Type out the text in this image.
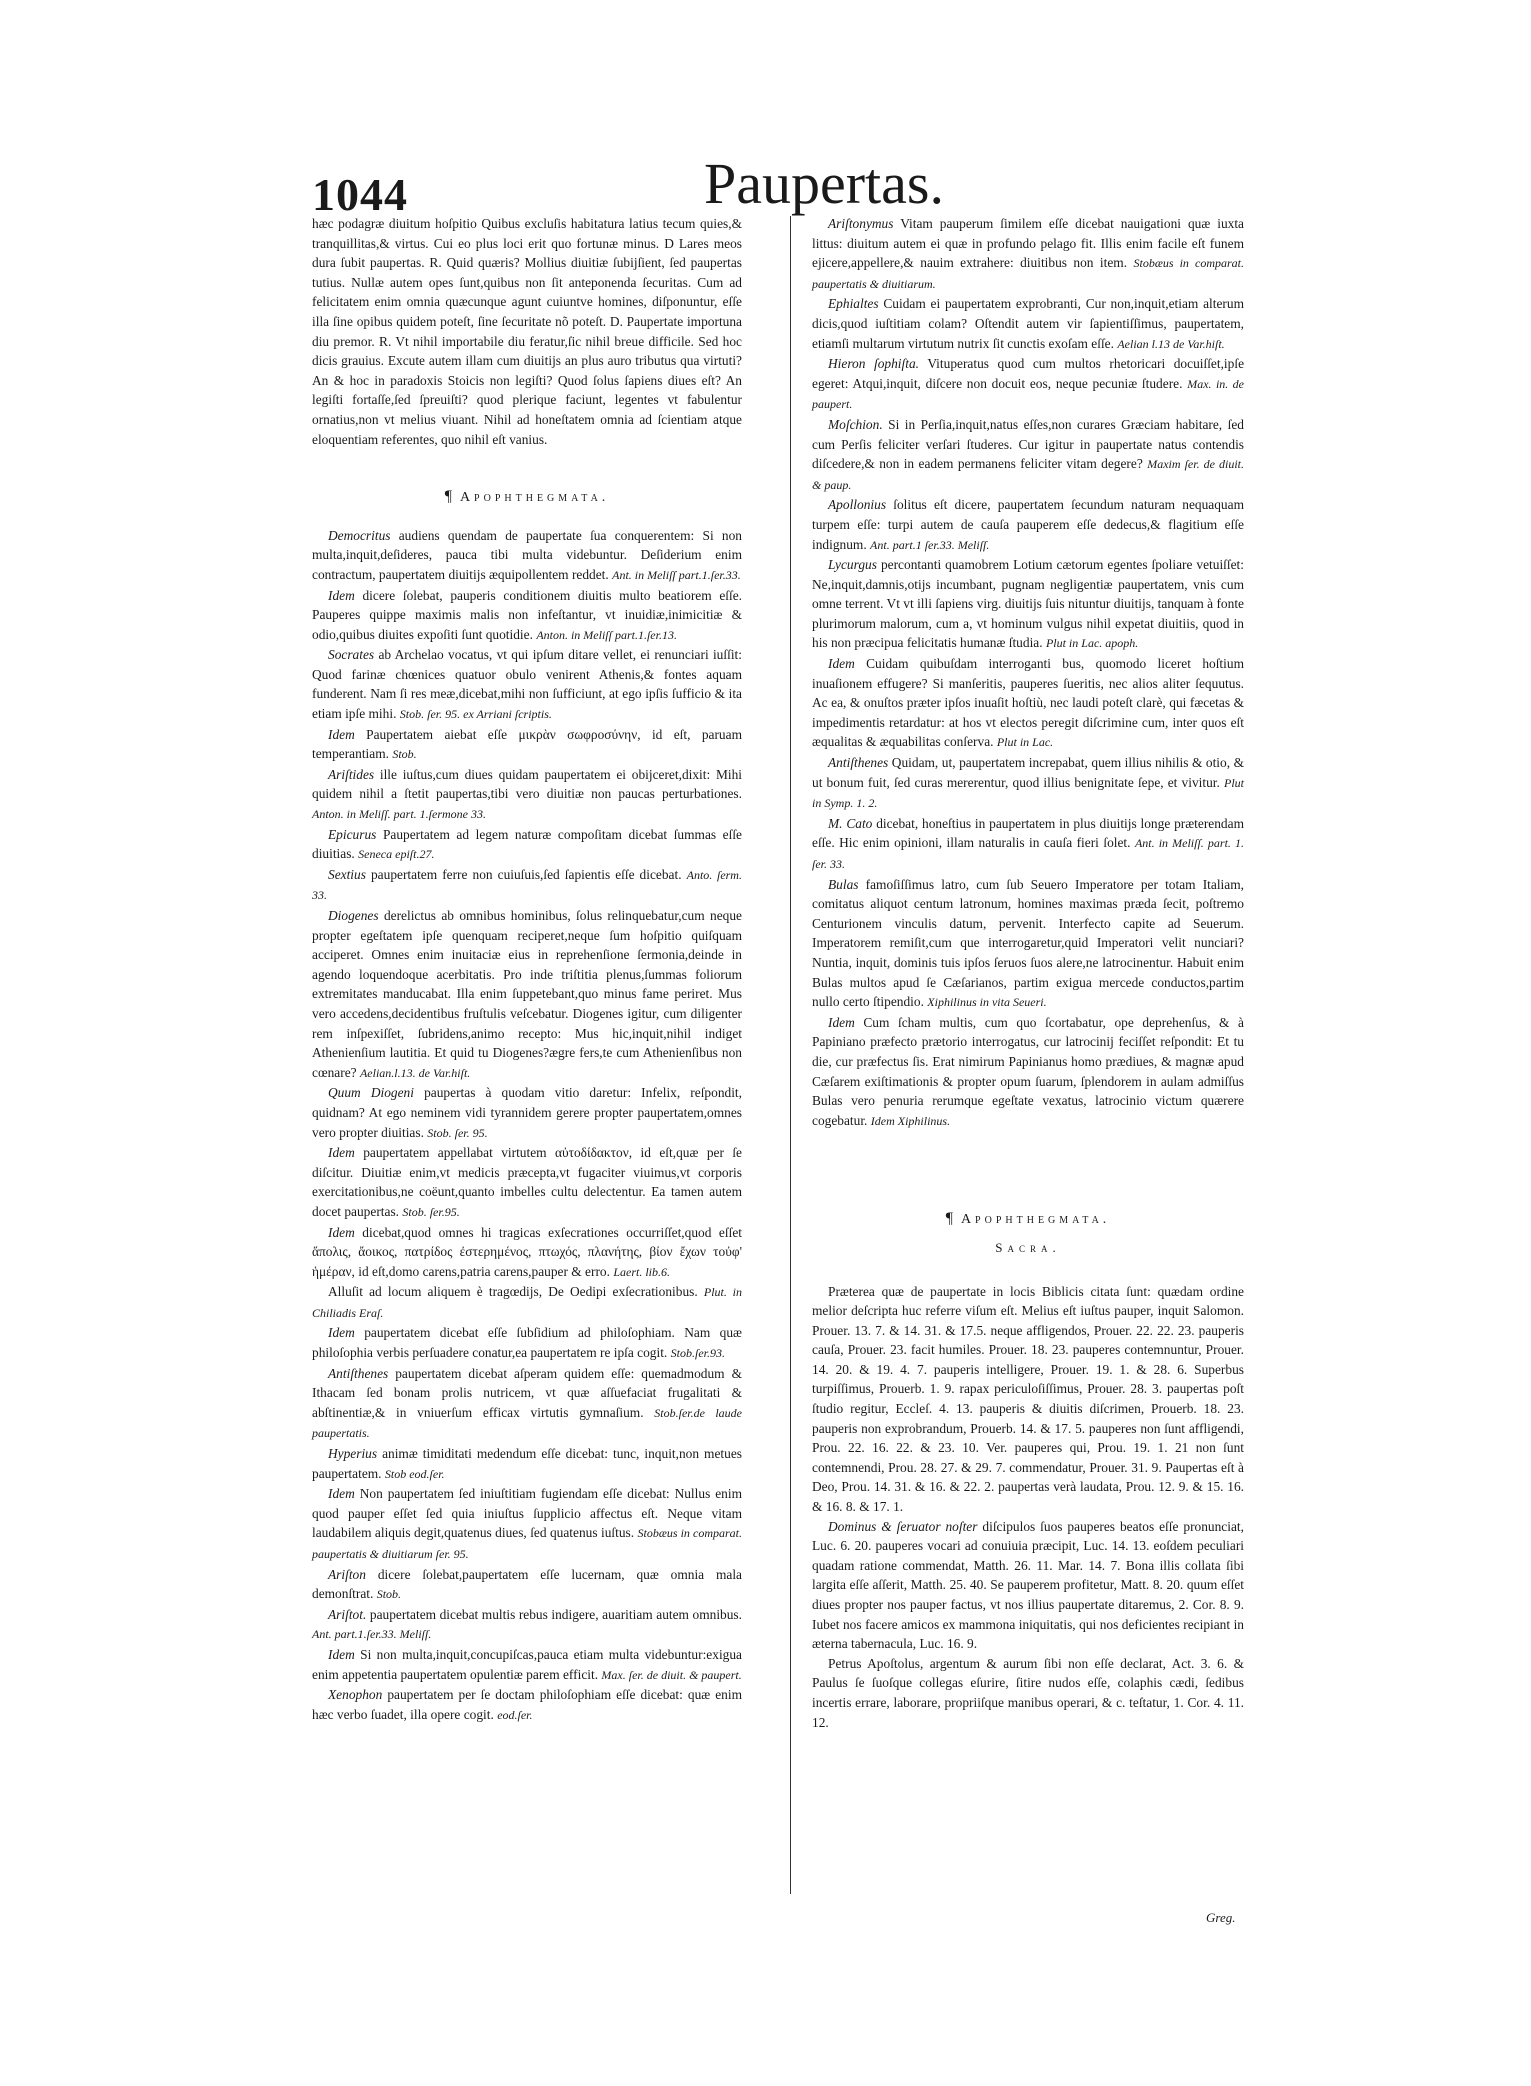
1044	Paupertas.

hæc podagræ diuitum hoſpitio Quibus excluſis habitatura latius tecum quies,& tranquillitas,& virtus. Cui eo plus loci erit quo fortunæ minus. D Lares meos dura ſubit paupertas. R. Quid quæris? Mollius diuitiæ ſubijſient, ſed paupertas tutius. Nullæ autem opes ſunt,quibus non ſit anteponenda ſecuritas. Cum ad felicitatem enim omnia quæcunque agunt cuiuntve homines, diſponuntur, eſſe illa ſine opibus quidem poteſt, ſine ſecuritate nõ poteſt. D. Paupertate importuna diu premor. R. Vt nihil importabile diu feratur,ſic nihil breue difficile. Sed hoc dicis grauius. Excute autem illam cum diuitijs an plus auro tributus qua virtuti? An & hoc in paradoxis Stoicis non legiſti? Quod ſolus ſapiens diues eſt? An legiſti fortaſſe,ſed ſpreuiſti? quod plerique faciunt, legentes vt fabulentur ornatius,non vt melius viuant. Nihil ad honeſtatem omnia ad ſcientiam atque eloquentiam referentes, quo nihil eſt vanius.

¶ Apophthegmata.

Democritus audiens quendam de paupertate ſua conquerentem: Si non multa,inquit,deſideres, pauca tibi multa videbuntur. Deſiderium enim contractum, paupertatem diuitijs æquipollentem reddet. Ant. in Meliſſ part.1.ſer.33.

Idem dicere ſolebat, pauperis conditionem diuitis multo beatiorem eſſe. Pauperes quippe maximis malis non infeſtantur, vt inuidiæ,inimicitiæ & odio,quibus diuites expoſiti ſunt quotidie. Anton. in Meliſſ part.1.ſer.13.

Socrates ab Archelao vocatus, vt qui ipſum ditare vellet, ei renunciari iuſſit: Quod farinæ chœnices quatuor obulo venirent Athenis,& fontes aquam funderent. Nam ſi res meæ,dicebat,mihi non ſufficiunt, at ego ipſis ſufficio & ita etiam ipſe mihi. Stob. ſer. 95. ex Arriani ſcriptis.

Idem Paupertatem aiebat eſſe μικρὰν σωφροσύνην, id eſt, paruam temperantiam. Stob.

Ariſtides ille iuſtus,cum diues quidam paupertatem ei obijceret,dixit: Mihi quidem nihil a ſtetit paupertas,tibi vero diuitiæ non paucas perturbationes. Anton. in Meliſſ. part. 1.ſermone 33.

Epicurus Paupertatem ad legem naturæ compoſitam dicebat ſummas eſſe diuitias. Seneca epiſt.27.

Sextius paupertatem ferre non cuiuſuis,ſed ſapientis eſſe dicebat. Anto. ſerm. 33.

Diogenes derelictus ab omnibus hominibus, ſolus relinquebatur,cum neque propter egeſtatem ipſe quenquam reciperet,neque ſum hoſpitio quiſquam acciperet. Omnes enim inuitaciæ eius in reprehenſione ſermonia,deinde in agendo loquendoque acerbitatis. Pro inde triſtitia plenus,ſummas foliorum extremitates manducabat. Illa enim ſuppetebant,quo minus fame periret. Mus vero accedens,decidentibus fruſtulis veſcebatur. Diogenes igitur, cum diligenter rem inſpexiſſet, ſubridens,animo recepto: Mus hic,inquit,nihil indiget Athenienſium lautitia. Et quid tu Diogenes?ægre fers,te cum Athenienſibus non cœnare? Aelian.l.13. de Var.hiſt.

Quum Diogeni paupertas à quodam vitio daretur: Infelix, reſpondit, quidnam? At ego neminem vidi tyrannidem gerere propter paupertatem,omnes vero propter diuitias. Stob. ſer. 95.

Idem paupertatem appellabat virtutem αὐτοδίδακτον, id eſt,quæ per ſe diſcitur. Diuitiæ enim,vt medicis præcepta,vt fugaciter viuimus,vt corporis exercitationibus,ne coëunt,quanto imbelles cultu delectentur. Ea tamen autem docet paupertas. Stob. ſer.95.

Idem dicebat,quod omnes hi tragicas exſecrationes occurriſſet,quod eſſet ἄπολις, ἄοικος, πατρίδος ἐστερημένος, πτωχός, πλανήτης, βίον ἔχων τοὐφ' ἡμέραν, id eſt,domo carens,patria carens,pauper & erro. Laert. lib.6.

Alluſit ad locum aliquem è tragœdijs, De Oedipi exſecrationibus. Plut. in Chiliadis Eraſ.

Idem paupertatem dicebat eſſe ſubſidium ad philoſophiam. Nam quæ philoſophia verbis perſuadere conatur,ea paupertatem re ipſa cogit. Stob.ſer.93.

Antiſthenes paupertatem dicebat aſperam quidem eſſe: quemadmodum & Ithacam ſed bonam prolis nutricem, vt quæ aſſuefaciat frugalitati & abſtinentiæ,& in vniuerſum efficax virtutis gymnaſium. Stob.ſer.de laude paupertatis.

Hyperius animæ timiditati medendum eſſe dicebat: tunc, inquit,non metues paupertatem. Stob eod.ſer.

Idem Non paupertatem ſed iniuſtitiam fugiendam eſſe dicebat: Nullus enim quod pauper eſſet ſed quia iniuſtus ſupplicio affectus eſt. Neque vitam laudabilem aliquis degit,quatenus diues, ſed quatenus iuſtus. Stobæus in comparat. paupertatis & diuitiarum ſer. 95.

Ariſton dicere ſolebat,paupertatem eſſe lucernam, quæ omnia mala demonſtrat. Stob.

Ariſtot. paupertatem dicebat multis rebus indigere, auaritiam autem omnibus. Ant. part.1.ſer.33. Meliſſ.

Idem Si non multa,inquit,concupiſcas,pauca etiam multa videbuntur:exigua enim appetentia paupertatem opulentiæ parem efficit. Max. ſer. de diuit. & paupert.

Xenophon paupertatem per ſe doctam philoſophiam eſſe dicebat: quæ enim hæc verbo ſuadet, illa opere cogit. eod.ſer.

Ariſtonymus Vitam pauperum ſimilem eſſe dicebat nauigationi quæ iuxta littus: diuitum autem ei quæ in profundo pelago fit. Illis enim facile eſt funem ejicere,appellere,& nauim extrahere: diuitibus non item. Stobæus in comparat. paupertatis & diuitiarum.

Ephialtes Cuidam ei paupertatem exprobranti, Cur non,inquit,etiam alterum dicis,quod iuſtitiam colam? Oſtendit autem vir ſapientiſſimus, paupertatem, etiamſi multarum virtutum nutrix ſit cunctis exoſam eſſe. Aelian l.13 de Var.hiſt.

Hieron ſophiſta. Vituperatus quod cum multos rhetoricari docuiſſet,ipſe egeret: Atqui,inquit, diſcere non docuit eos, neque pecuniæ ſtudere. Max. in. de paupert.

Moſchion. Si in Perſia,inquit,natus eſſes,non curares Græciam habitare, ſed cum Perſis feliciter verſari ſtuderes. Cur igitur in paupertate natus contendis diſcedere,& non in eadem permanens feliciter vitam degere? Maxim ſer. de diuit. & paup.

Apollonius ſolitus eſt dicere, paupertatem ſecundum naturam nequaquam turpem eſſe: turpi autem de cauſa pauperem eſſe dedecus,& flagitium eſſe indignum. Ant. part.1 ſer.33. Meliſſ.

Lycurgus percontanti quamobrem Lotium cætorum egentes ſpoliare vetuiſſet: Ne,inquit,damnis,otijs incumbant, pugnam negligentiæ paupertatem, vnis cum omne terrent. Vt vt illi ſapiens virg. diuitijs ſuis nituntur diuitijs, tanquam à fonte plurimorum malorum, cum a, vt hominum vulgus nihil expetat diuitiis, quod in his non præcipua felicitatis humanæ ſtudia. Plut in Lac. apoph.

Idem Cuidam quibuſdam interroganti bus, quomodo liceret hoſtium inuaſionem effugere? Si manſeritis, pauperes ſueritis, nec alios aliter ſequutus. Ac ea, & onuſtos præter ipſos inuaſit hoſtiù, nec laudi poteſt clarè, qui fæcetas & impedimentis retardatur: at hos vt electos peregit diſcrimine cum, inter quos eſt æqualitas & æquabilitas conſerva. Plut in Lac.

Antiſthenes Quidam, ut, paupertatem increpabat, quem illius nihilis & otio, & ut bonum fuit, ſed curas mererentur, quod illius benignitate ſepe, et vivitur. Plut in Symp. 1. 2.

M. Cato dicebat, honeſtius in paupertatem in plus diuitijs longe præterendam eſſe. Hic enim opinioni, illam naturalis in cauſa fieri ſolet. Ant. in Meliſſ. part. 1. ſer. 33.

Bulas famoſiſſimus latro, cum ſub Seuero Imperatore per totam Italiam, comitatus aliquot centum latronum, homines maximas præda ſecit, poſtremo Centurionem vinculis datum, pervenit. Interfecto capite ad Seuerum. Imperatorem remiſit,cum que interrogaretur,quid Imperatori velit nunciari? Nuntia, inquit, dominis tuis ipſos ſeruos ſuos alere,ne latrocinentur. Habuit enim Bulas multos apud ſe Cæſarianos, partim exigua mercede conductos,partim nullo certo ſtipendio. Xiphilinus in vita Seueri.

Idem Cum ſcham multis, cum quo ſcortabatur, ope deprehenſus, & à Papiniano præfecto prætorio interrogatus, cur latrocinij feciſſet reſpondit: Et tu die, cur præfectus ſis. Erat nimirum Papinianus homo prædiues, & magnæ apud Cæſarem exiſtimationis & propter opum ſuarum, ſplendorem in aulam admiſſus Bulas vero penuria rerumque egeſtate vexatus, latrocinio victum quærere cogebatur. Idem Xiphilinus.

¶ Apophthegmata.
Sacra.

Præterea quæ de paupertate in locis Biblicis citata ſunt: quædam ordine melior deſcripta huc referre viſum eſt. Melius eſt iuſtus pauper, inquit Salomon. Prouer. 13. 7. & 14. 31. & 17.5. neque affligendos, Prouer. 22. 22. 23. pauperis cauſa, Prouer. 23. facit humiles. Prouer. 18. 23. pauperes contemnuntur, Prouer. 14. 20. & 19. 4. 7. pauperis intelligere, Prouer. 19. 1. & 28. 6. Superbus turpiſſimus, Prouerb. 1. 9. rapax periculoſiſſimus, Prouer. 28. 3. paupertas poſt ſtudio regitur, Eccleſ. 4. 13. pauperis & diuitis diſcrimen, Prouerb. 18. 23. pauperis non exprobrandum, Prouerb. 14. & 17. 5. pauperes non ſunt affligendi, Prou. 22. 16. 22. & 23. 10. Ver. pauperes qui, Prou. 19. 1. 21 non ſunt contemnendi, Prou. 28. 27. & 29. 7. commendatur, Prouer. 31. 9. Paupertas eſt à Deo, Prou. 14. 31. & 16. & 22. 2. paupertas verà laudata, Prou. 12. 9. & 15. 16. & 16. 8. & 17. 1.

Dominus & ſeruator noſter diſcipulos ſuos pauperes beatos eſſe pronunciat, Luc. 6. 20. pauperes vocari ad conuiuia præcipit, Luc. 14. 13. eoſdem peculiari quadam ratione commendat, Matth. 26. 11. Mar. 14. 7. Bona illis collata ſibi largita eſſe aſſerit, Matth. 25. 40. Se pauperem profitetur, Matt. 8. 20. quum eſſet diues propter nos pauper factus, vt nos illius paupertate ditaremus, 2. Cor. 8. 9. Iubet nos facere amicos ex mammona iniquitatis, qui nos deficientes recipiant in æterna tabernacula, Luc. 16. 9.

Petrus Apoſtolus, argentum & aurum ſibi non eſſe declarat, Act. 3. 6. & Paulus ſe ſuoſque collegas eſurire, ſitire nudos eſſe, colaphis cædi, ſedibus incertis errare, laborare, propriiſque manibus operari, & c. teſtatur, 1. Cor. 4. 11. 12.

Greg.
